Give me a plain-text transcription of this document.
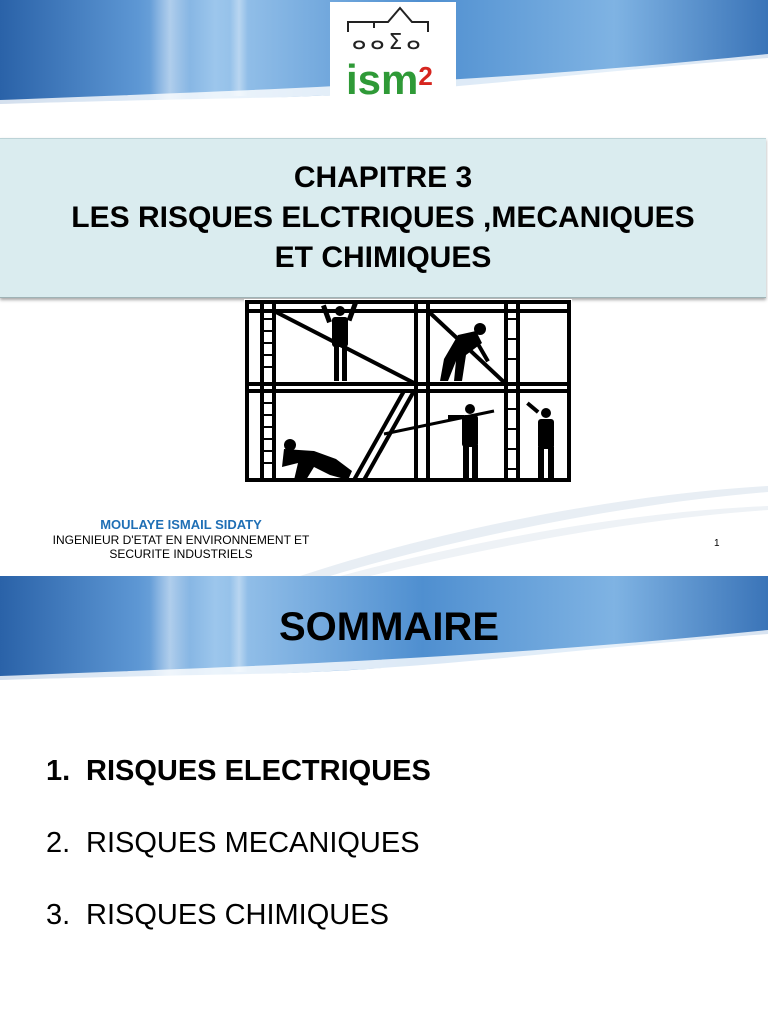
ⴰⴰⵉⴰ
ism$^2$
CHAPITRE 3
LES RISQUES ELCTRIQUES ,MECANIQUES
ET CHIMIQUES
MOULAYE ISMAIL SIDATY
INGENIEUR D'ETAT EN ENVIRONNEMENT ET
SECURITE INDUSTRIELS
1
SOMMAIRE
1. RISQUES ELECTRIQUES
2. RISQUES MECANIQUES
3. RISQUES CHIMIQUES
